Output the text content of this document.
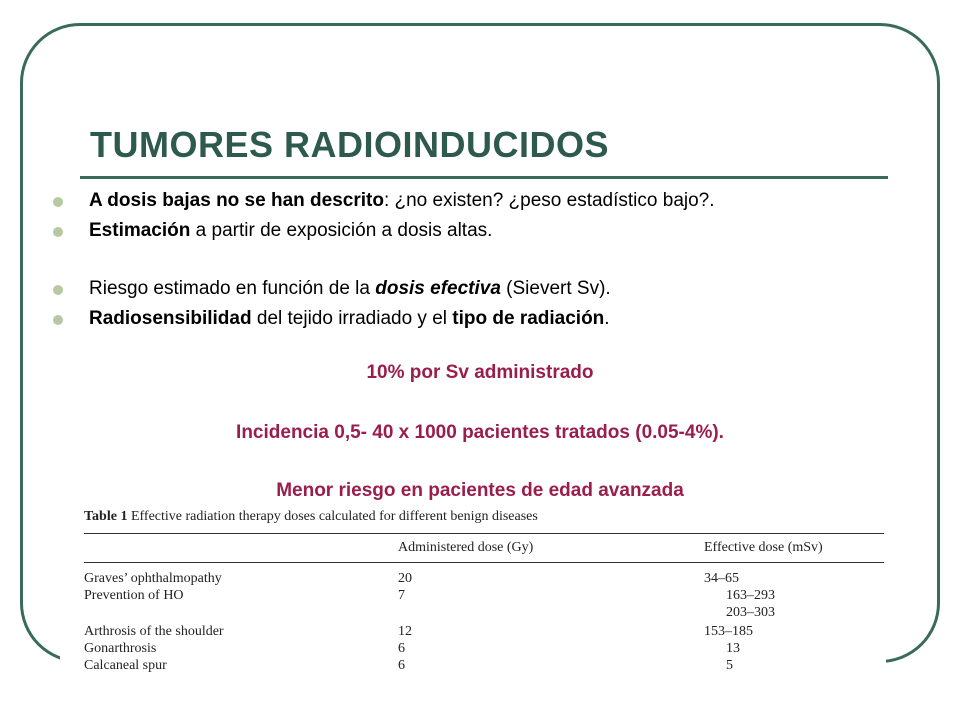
TUMORES RADIOINDUCIDOS
A dosis bajas no se han descrito: ¿no existen? ¿peso estadístico bajo?.
Estimación a partir de exposición a dosis altas.
Riesgo estimado en función de la dosis efectiva (Sievert Sv).
Radiosensibilidad del tejido irradiado y el tipo de radiación.

10% por Sv administrado

Incidencia 0,5- 40 x 1000 pacientes tratados (0.05-4%).

Menor riesgo en pacientes de edad avanzada

Table 1 Effective radiation therapy doses calculated for different benign diseases
	Administered dose (Gy)	Effective dose (mSv)
Graves’ ophthalmopathy	20	34–65
Prevention of HO	7	163–293
		203–303

Arthrosis of the shoulder	12	153–185
Gonarthrosis	6	13
Calcaneal spur	6	5
